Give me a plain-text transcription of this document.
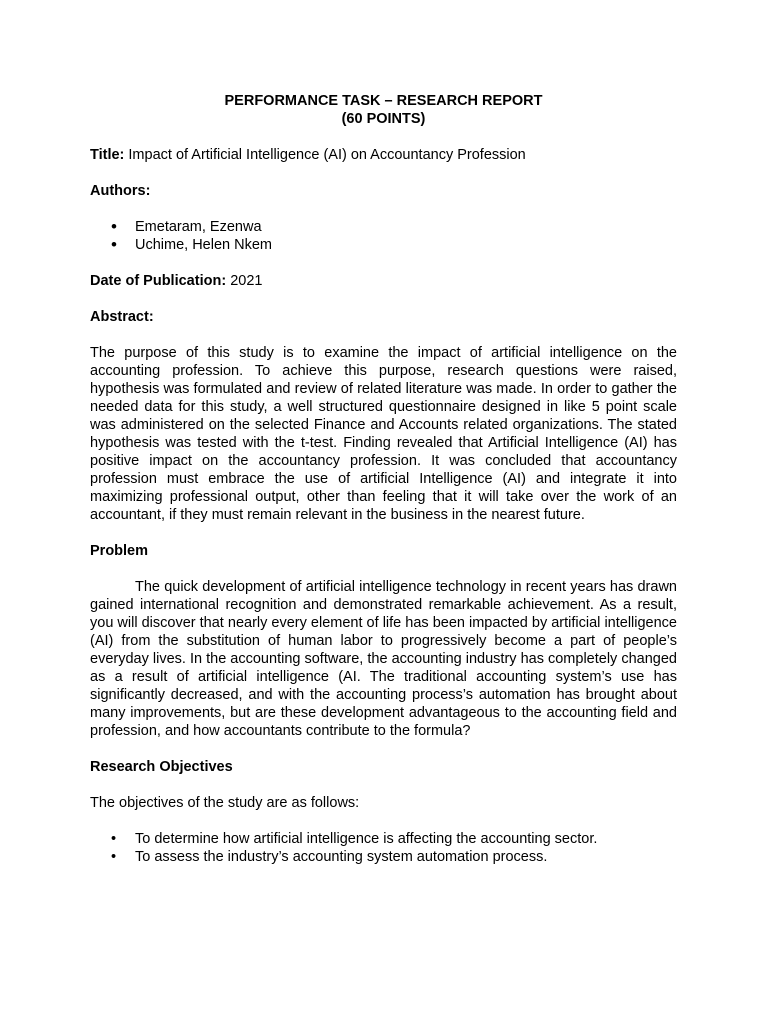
PERFORMANCE TASK – RESEARCH REPORT
(60 POINTS)

Title: Impact of Artificial Intelligence (AI) on Accountancy Profession

Authors:

• Emetaram, Ezenwa
• Uchime, Helen Nkem

Date of Publication: 2021

Abstract:

The purpose of this study is to examine the impact of artificial intelligence on the accounting profession. To achieve this purpose, research questions were raised, hypothesis was formulated and review of related literature was made. In order to gather the needed data for this study, a well structured questionnaire designed in like 5 point scale was administered on the selected Finance and Accounts related organizations. The stated hypothesis was tested with the t-test. Finding revealed that Artificial Intelligence (AI) has positive impact on the accountancy profession. It was concluded that accountancy profession must embrace the use of artificial Intelligence (AI) and integrate it into maximizing professional output, other than feeling that it will take over the work of an accountant, if they must remain relevant in the business in the nearest future.

Problem

The quick development of artificial intelligence technology in recent years has drawn gained international recognition and demonstrated remarkable achievement. As a result, you will discover that nearly every element of life has been impacted by artificial intelligence (AI) from the substitution of human labor to progressively become a part of people’s everyday lives. In the accounting software, the accounting industry has completely changed as a result of artificial intelligence (AI. The traditional accounting system’s use has significantly decreased, and with the accounting process’s automation has brought about many improvements, but are these development advantageous to the accounting field and profession, and how accountants contribute to the formula?

Research Objectives

The objectives of the study are as follows:

• To determine how artificial intelligence is affecting the accounting sector.
• To assess the industry’s accounting system automation process.
